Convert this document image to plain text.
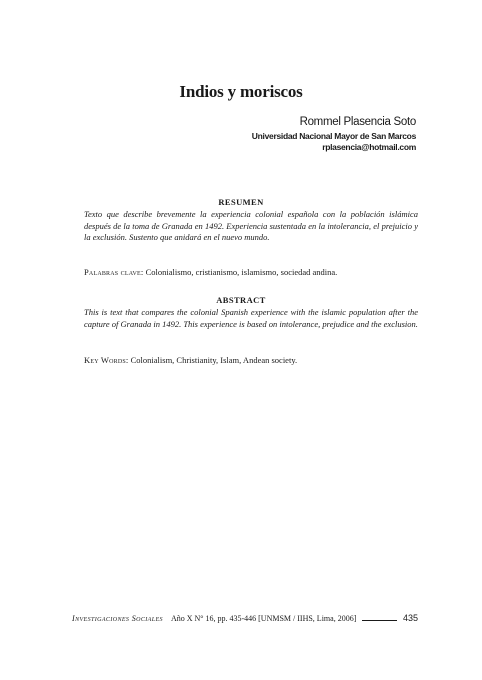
Indios y moriscos
Rommel Plasencia Soto
Universidad Nacional Mayor de San Marcos
rplasencia@hotmail.com
RESUMEN
Texto que describe brevemente la experiencia colonial española con la población islámica después de la toma de Granada en 1492. Experiencia sustentada en la intolerancia, el prejuicio y la exclusión. Sustento que anidará en el nuevo mundo.
Palabras clave: Colonialismo, cristianismo, islamismo, sociedad andina.
ABSTRACT
This is text that compares the colonial Spanish experience with the islamic population after the capture of Granada in 1492. This experience is based on intolerance, prejudice and the exclusion.
Key Words: Colonialism, Christianity, Islam, Andean society.
Investigaciones Sociales Año X N° 16, pp. 435-446 [UNMSM / IIHS, Lima, 2006]	435
